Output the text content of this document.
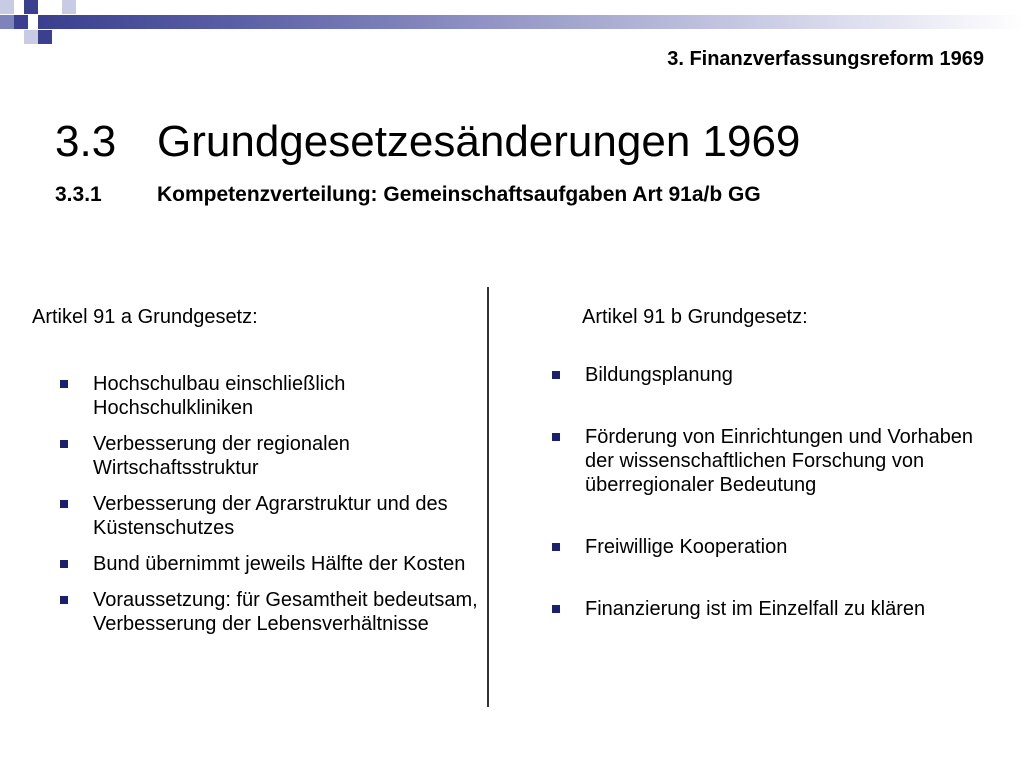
3. Finanzverfassungsreform 1969
3.3 Grundgesetzesänderungen 1969
3.3.1	Kompetenzverteilung: Gemeinschaftsaufgaben Art 91a/b GG
Artikel 91 a Grundgesetz:
Hochschulbau einschließlich Hochschulkliniken
Verbesserung der regionalen Wirtschaftsstruktur
Verbesserung der Agrarstruktur und des Küstenschutzes
Bund übernimmt jeweils Hälfte der Kosten
Voraussetzung: für Gesamtheit bedeutsam, Verbesserung der Lebensverhältnisse
Artikel 91 b Grundgesetz:
Bildungsplanung
Förderung von Einrichtungen und Vorhaben der wissenschaftlichen Forschung von überregionaler Bedeutung
Freiwillige Kooperation
Finanzierung ist im Einzelfall zu klären
